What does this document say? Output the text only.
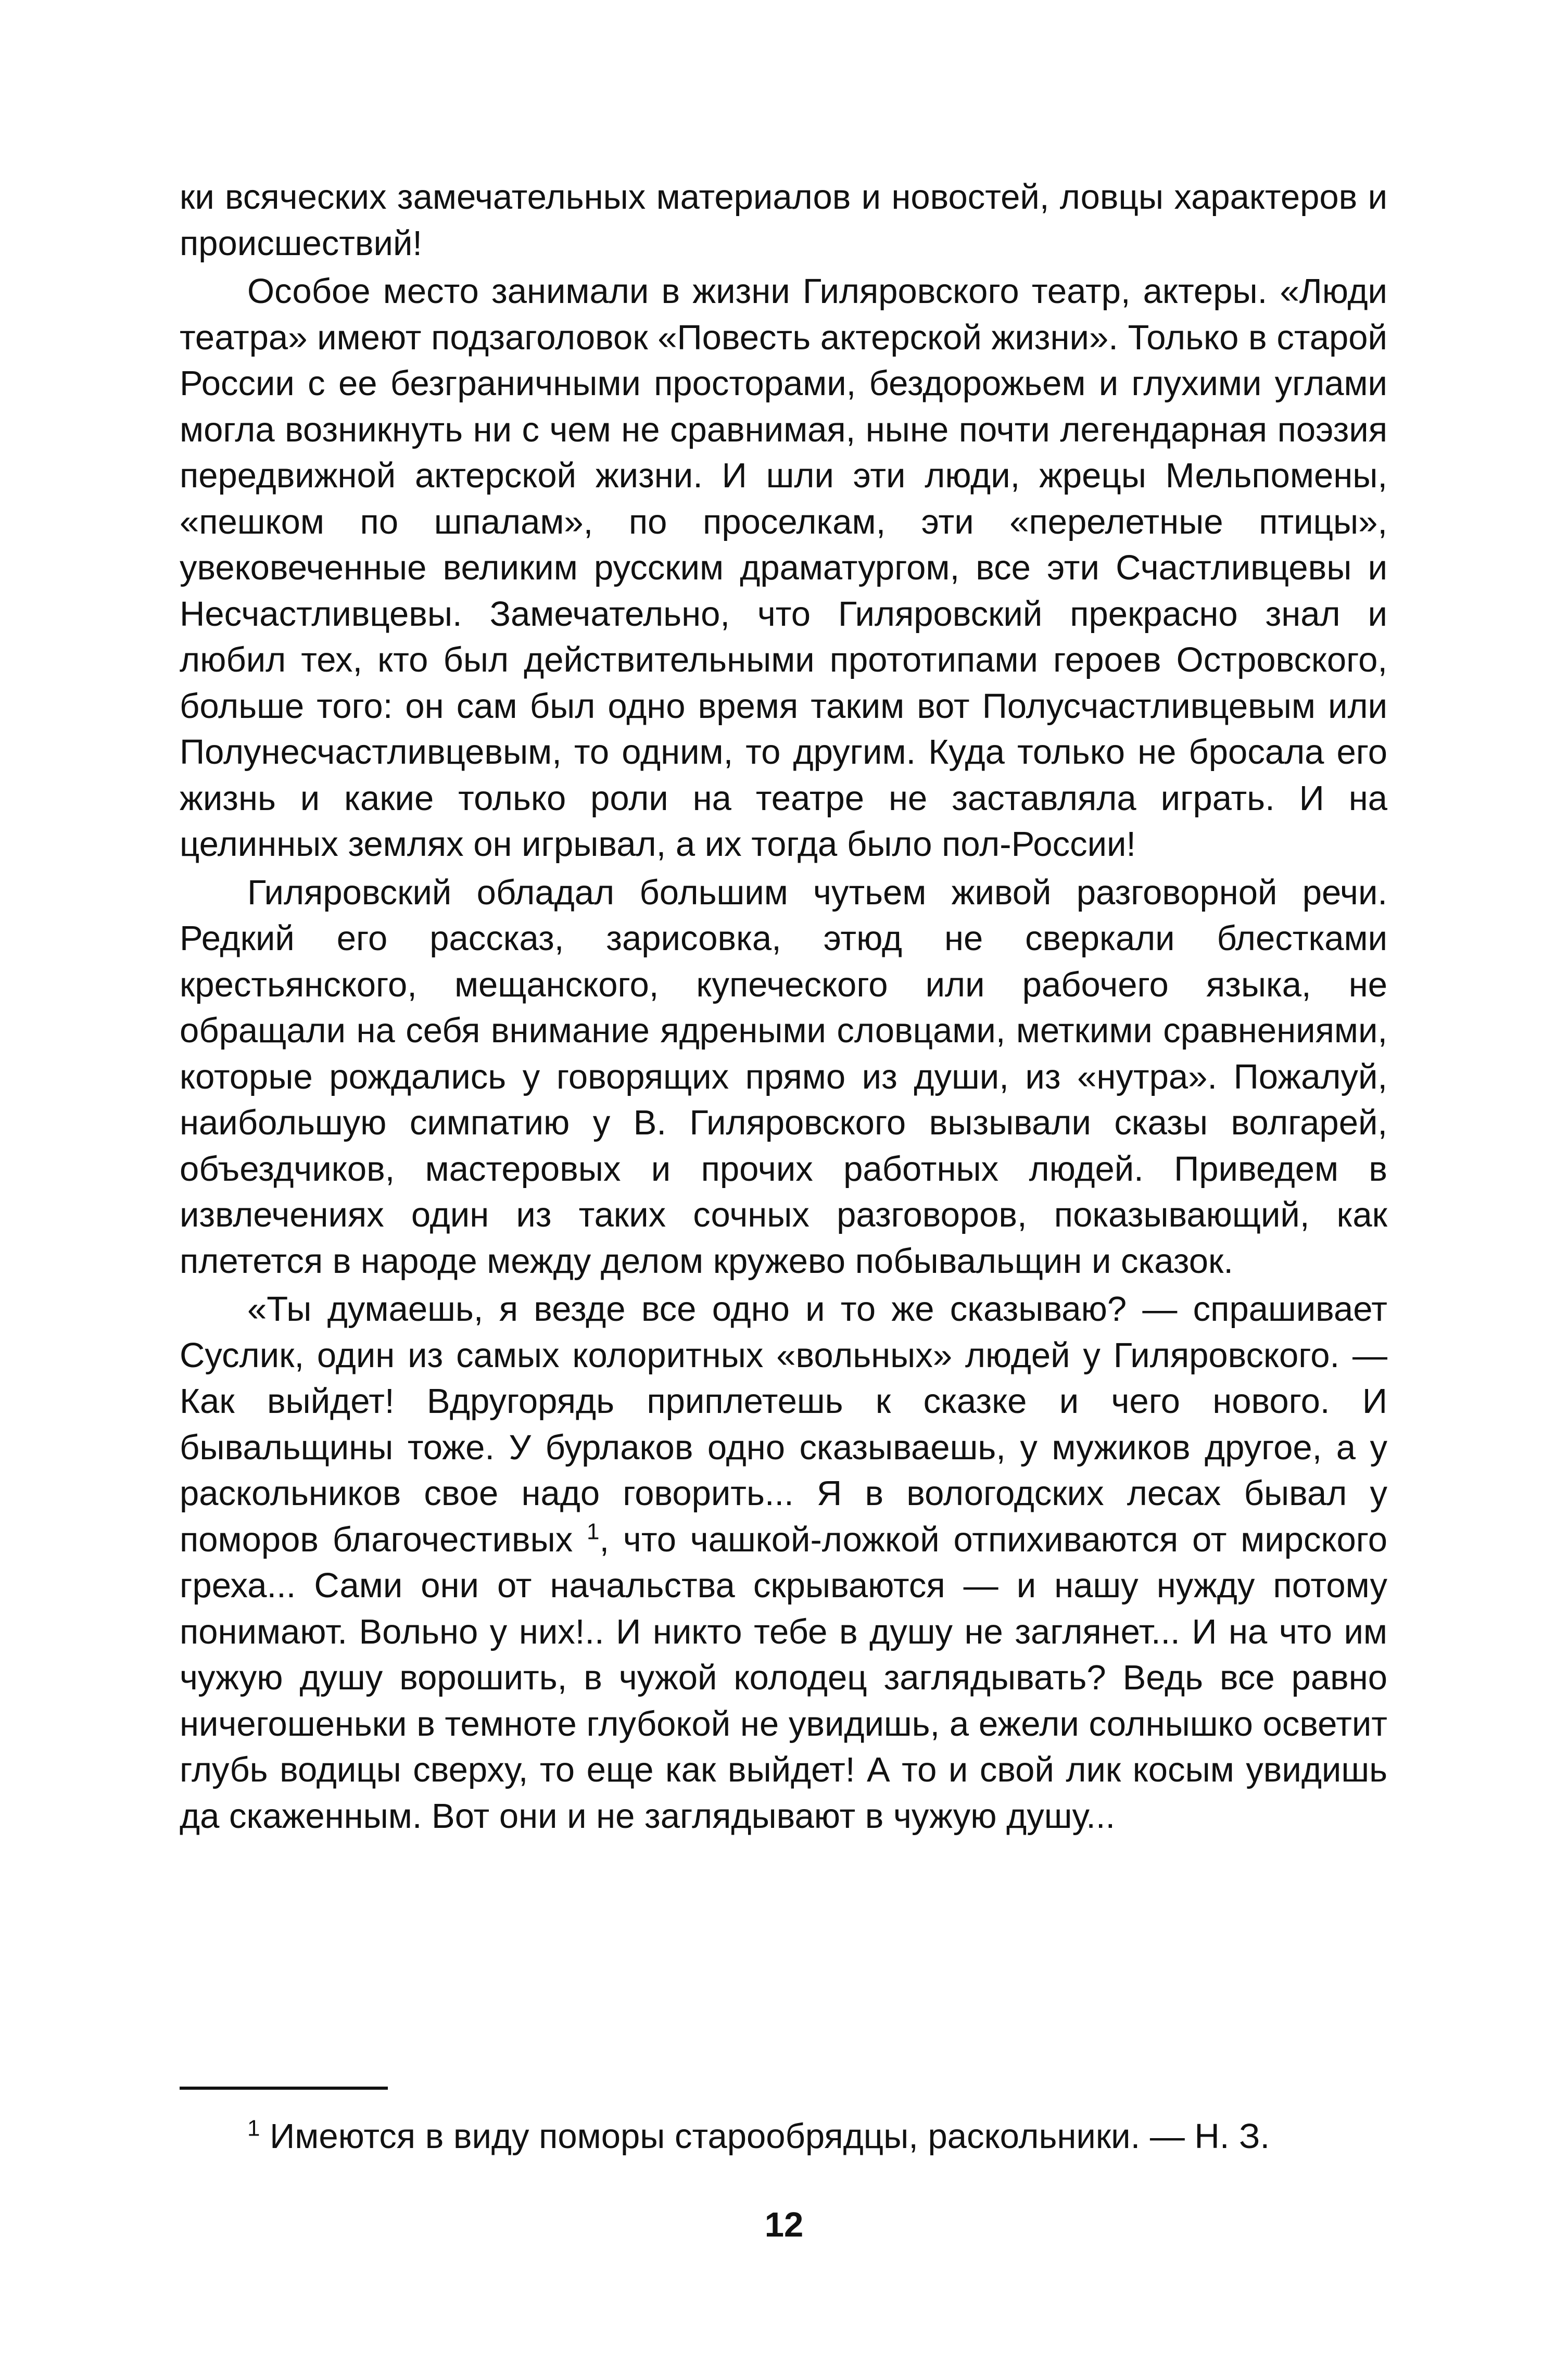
ки всяческих замечательных материалов и новостей, ловцы характеров и происшествий!

Особое место занимали в жизни Гиляровского театр, актеры. «Люди театра» имеют подзаголовок «Повесть актерской жизни». Только в старой России с ее безграничными просторами, бездорожьем и глухими углами могла возникнуть ни с чем не сравнимая, ныне почти легендарная поэзия передвижной актерской жизни. И шли эти люди, жрецы Мельпомены, «пешком по шпалам», по проселкам, эти «перелетные птицы», увековеченные великим русским драматургом, все эти Счастливцевы и Несчастливцевы. Замечательно, что Гиляровский прекрасно знал и любил тех, кто был действительными прототипами героев Островского, больше того: он сам был одно время таким вот Полусчастливцевым или Полунесчастливцевым, то одним, то другим. Куда только не бросала его жизнь и какие только роли на театре не заставляла играть. И на целинных землях он игрывал, а их тогда было пол-России!

Гиляровский обладал большим чутьем живой разговорной речи. Редкий его рассказ, зарисовка, этюд не сверкали блестками крестьянского, мещанского, купеческого или рабочего языка, не обращали на себя внимание ядреными словцами, меткими сравнениями, которые рождались у говорящих прямо из души, из «нутра». Пожалуй, наибольшую симпатию у В. Гиляровского вызывали сказы волгарей, объездчиков, мастеровых и прочих работных людей. Приведем в извлечениях один из таких сочных разговоров, показывающий, как плетется в народе между делом кружево побывальщин и сказок.

«Ты думаешь, я везде все одно и то же сказываю? — спрашивает Суслик, один из самых колоритных «вольных» людей у Гиляровского. — Как выйдет! Вдругорядь приплетешь к сказке и чего нового. И бывальщины тоже. У бурлаков одно сказываешь, у мужиков другое, а у раскольников свое надо говорить... Я в вологодских лесах бывал у поморов благочестивых $^1$, что чашкой-ложкой отпихиваются от мирского греха... Сами они от начальства скрываются — и нашу нужду потому понимают. Вольно у них!.. И никто тебе в душу не заглянет... И на что им чужую душу ворошить, в чужой колодец заглядывать? Ведь все равно ничегошеньки в темноте глубокой не увидишь, а ежели солнышко осветит глубь водицы сверху, то еще как выйдет! А то и свой лик косым увидишь да скаженным. Вот они и не заглядывают в чужую душу...

$^1$ Имеются в виду поморы старообрядцы, раскольники. — Н. З.

12
